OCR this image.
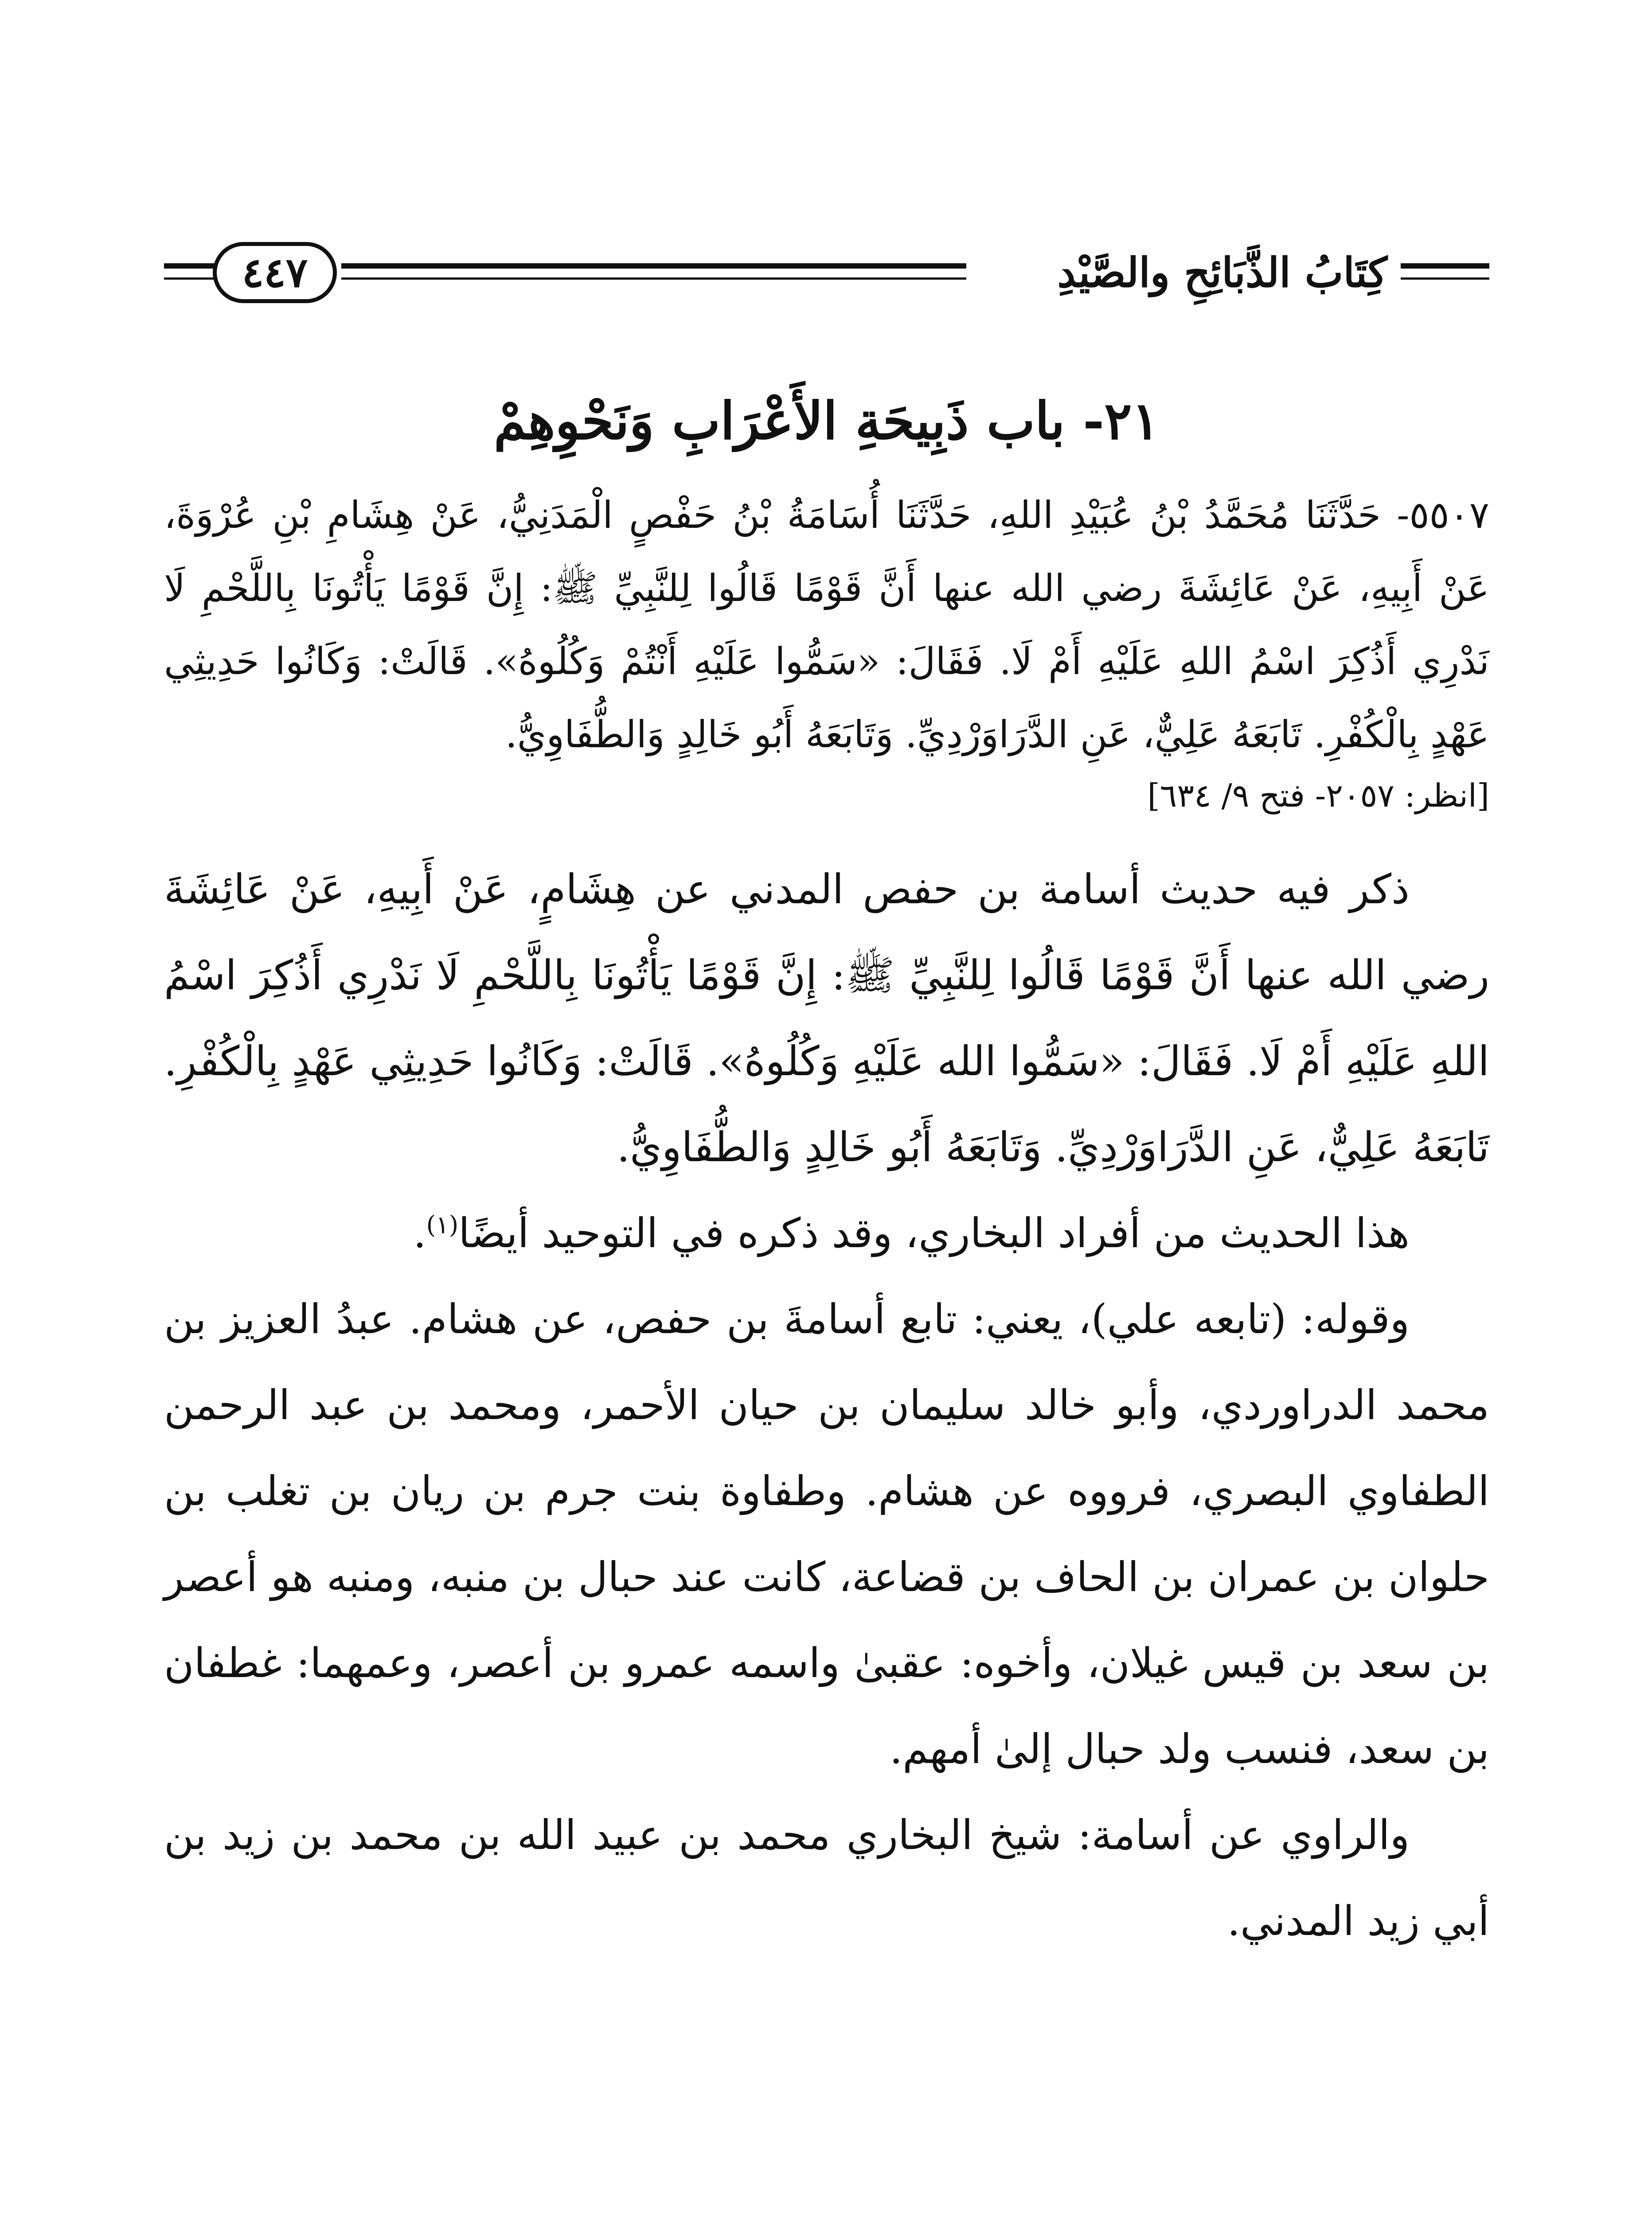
كِتَابُ الذَّبَائِحِ والصَّيْدِ
٤٤٧
٢١- باب ذَبِيحَةِ الأَعْرَابِ وَنَحْوِهِمْ

٥٥٠٧- حَدَّثَنَا مُحَمَّدُ بْنُ عُبَيْدِ اللهِ، حَدَّثَنَا أُسَامَةُ بْنُ حَفْصٍ الْمَدَنِيُّ، عَنْ هِشَامِ بْنِ عُرْوَةَ، عَنْ أَبِيهِ، عَنْ عَائِشَةَ رضي الله عنها أَنَّ قَوْمًا قَالُوا لِلنَّبِيِّ ﷺ: إِنَّ قَوْمًا يَأْتُونَا بِاللَّحْمِ لَا نَدْرِي أَذُكِرَ اسْمُ اللهِ عَلَيْهِ أَمْ لَا. فَقَالَ: «سَمُّوا عَلَيْهِ أَنْتُمْ وَكُلُوهُ». قَالَتْ: وَكَانُوا حَدِيثِي عَهْدٍ بِالْكُفْرِ. تَابَعَهُ عَلِيٌّ، عَنِ الدَّرَاوَرْدِيِّ. وَتَابَعَهُ أَبُو خَالِدٍ وَالطُّفَاوِيُّ.

[انظر: ٢٠٥٧- فتح ٩/ ٦٣٤]

ذكر فيه حديث أسامة بن حفص المدني عن هِشَامٍ، عَنْ أَبِيهِ، عَنْ عَائِشَةَ رضي الله عنها أَنَّ قَوْمًا قَالُوا لِلنَّبِيِّ ﷺ: إِنَّ قَوْمًا يَأْتُونَا بِاللَّحْمِ لَا نَدْرِي أَذُكِرَ اسْمُ اللهِ عَلَيْهِ أَمْ لَا. فَقَالَ: «سَمُّوا الله عَلَيْهِ وَكُلُوهُ». قَالَتْ: وَكَانُوا حَدِيثِي عَهْدٍ بِالْكُفْرِ. تَابَعَهُ عَلِيٌّ، عَنِ الدَّرَاوَرْدِيِّ. وَتَابَعَهُ أَبُو خَالِدٍ وَالطُّفَاوِيُّ.

هذا الحديث من أفراد البخاري، وقد ذكره في التوحيد أيضًا$^{(١)}$.

وقوله: (تابعه علي)، يعني: تابع أسامةَ بن حفص، عن هشام. عبدُ العزيز بن محمد الدراوردي، وأبو خالد سليمان بن حيان الأحمر، ومحمد بن عبد الرحمن الطفاوي البصري، فرووه عن هشام. وطفاوة بنت جرم بن ريان بن تغلب بن حلوان بن عمران بن الحاف بن قضاعة، كانت عند حبال بن منبه، ومنبه هو أعصر بن سعد بن قيس غيلان، وأخوه: عقبىٰ واسمه عمرو بن أعصر، وعمهما: غطفان بن سعد، فنسب ولد حبال إلىٰ أمهم.

والراوي عن أسامة: شيخ البخاري محمد بن عبيد الله بن محمد بن زيد بن أبي زيد المدني.
